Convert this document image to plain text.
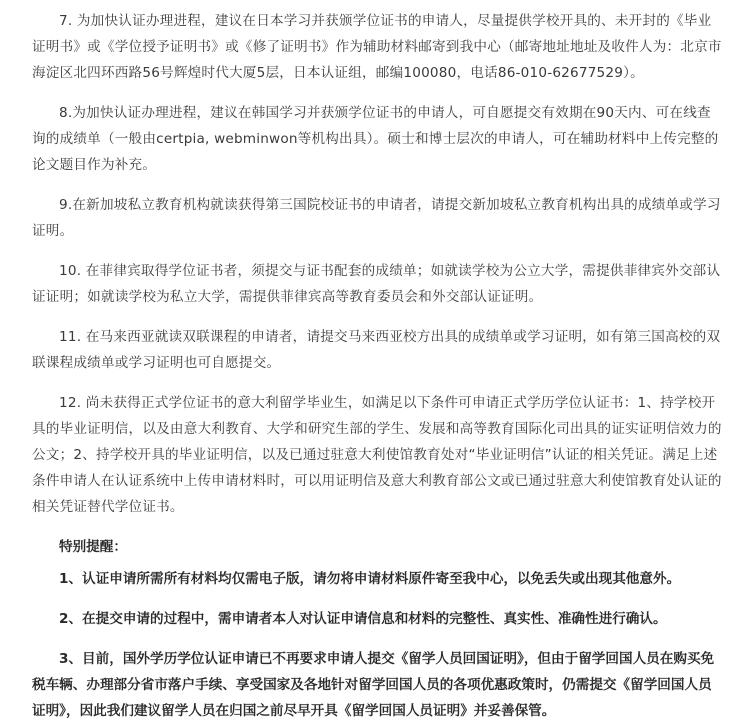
7. 为加快认证办理进程，建议在日本学习并获颁学位证书的申请人，尽量提供学校开具的、未开封的《毕业证明书》或《学位授予证明书》或《修了证明书》作为辅助材料邮寄到我中心（邮寄地址地址及收件人为：北京市海淀区北四环西路56号辉煌时代大厦5层，日本认证组，邮编100080，电话86-010-62677529）。

8.为加快认证办理进程，建议在韩国学习并获颁学位证书的申请人，可自愿提交有效期在90天内、可在线查询的成绩单（一般由certpia, webminwon等机构出具）。硕士和博士层次的申请人，可在辅助材料中上传完整的论文题目作为补充。

9.在新加坡私立教育机构就读获得第三国院校证书的申请者，请提交新加坡私立教育机构出具的成绩单或学习证明。

10. 在菲律宾取得学位证书者，须提交与证书配套的成绩单；如就读学校为公立大学，需提供菲律宾外交部认证证明；如就读学校为私立大学，需提供菲律宾高等教育委员会和外交部认证证明。

11. 在马来西亚就读双联课程的申请者，请提交马来西亚校方出具的成绩单或学习证明，如有第三国高校的双联课程成绩单或学习证明也可自愿提交。

12. 尚未获得正式学位证书的意大利留学毕业生，如满足以下条件可申请正式学历学位认证书：1、持学校开具的毕业证明信，以及由意大利教育、大学和研究生部的学生、发展和高等教育国际化司出具的证实证明信效力的公文；2、持学校开具的毕业证明信，以及已通过驻意大利使馆教育处对“毕业证明信”认证的相关凭证。满足上述条件申请人在认证系统中上传申请材料时，可以用证明信及意大利教育部公文或已通过驻意大利使馆教育处认证的相关凭证替代学位证书。

特别提醒：

1、认证申请所需所有材料均仅需电子版，请勿将申请材料原件寄至我中心，以免丢失或出现其他意外。

2、在提交申请的过程中，需申请者本人对认证申请信息和材料的完整性、真实性、准确性进行确认。

3、目前，国外学历学位认证申请已不再要求申请人提交《留学人员回国证明》，但由于留学回国人员在购买免税车辆、办理部分省市落户手续、享受国家及各地针对留学回国人员的各项优惠政策时，仍需提交《留学回国人员证明》，因此我们建议留学人员在归国之前尽早开具《留学回国人员证明》并妥善保管。
